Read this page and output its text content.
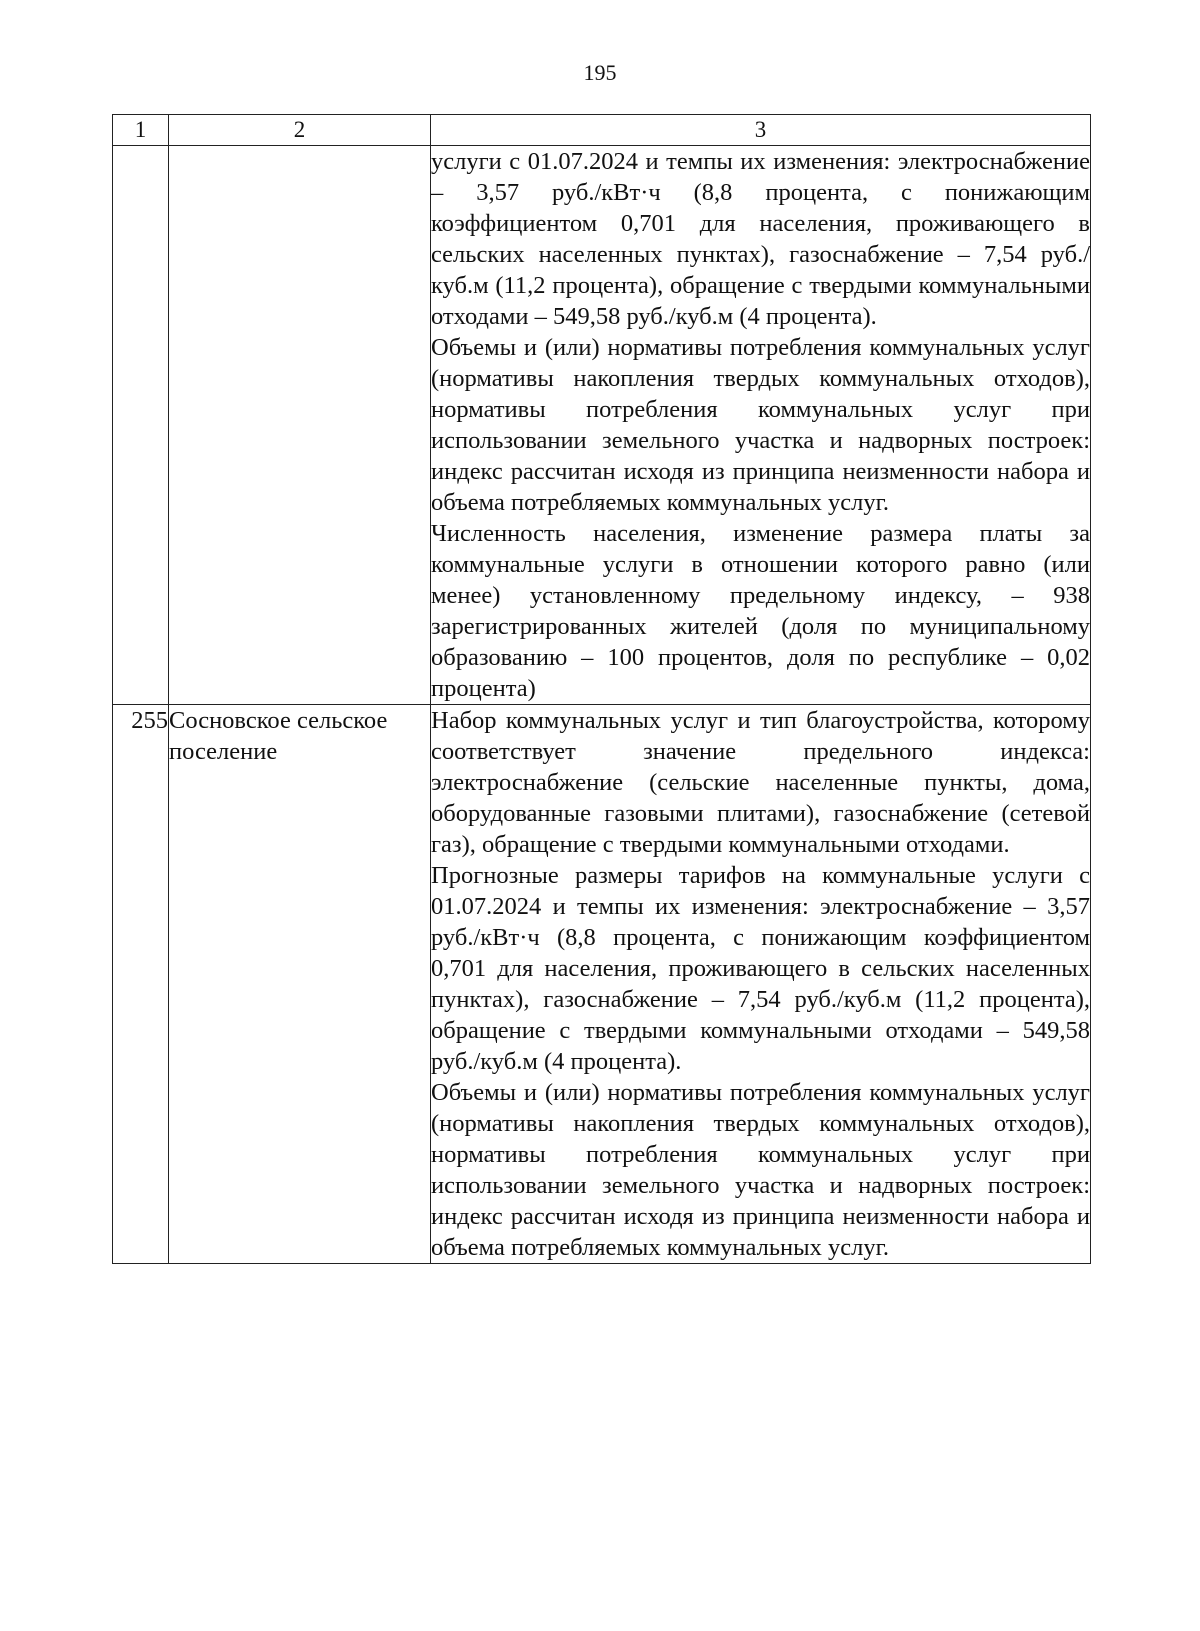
195
1	2	3

		услуги с 01.07.2024 и темпы их изменения: электроснабжение – 3,57 руб./кВт·ч (8,8 процента, с понижающим коэффициентом 0,701 для населения, проживающего в сельских населенных пунктах), газоснабжение – 7,54 руб./куб.м (11,2 процента), обращение с твердыми коммунальными отходами – 549,58 руб./куб.м (4 процента).

Объемы и (или) нормативы потребления коммунальных услуг (нормативы накопления твердых коммунальных отходов), нормативы потребления коммунальных услуг при использовании земельного участка и надворных построек: индекс рассчитан исходя из принципа неизменности набора и объема потребляемых коммунальных услуг.

Численность населения, изменение размера платы за коммунальные услуги в отношении которого равно (или менее) установленному предельному индексу, – 938 зарегистрированных жителей (доля по муниципальному образованию – 100 процентов, доля по республике – 0,02 процента)

255	Сосновское сельское поселение	Набор коммунальных услуг и тип благоустройства, которому соответствует значение предельного индекса: электроснабжение (сельские населенные пункты, дома, оборудованные газовыми плитами), газоснабжение (сетевой газ), обращение с твердыми коммунальными отходами.

Прогнозные размеры тарифов на коммунальные услуги с 01.07.2024 и темпы их изменения: электроснабжение – 3,57 руб./кВт·ч (8,8 процента, с понижающим коэффициентом 0,701 для населения, проживающего в сельских населенных пунктах), газоснабжение – 7,54 руб./куб.м (11,2 процента), обращение с твердыми коммунальными отходами – 549,58 руб./куб.м (4 процента).

Объемы и (или) нормативы потребления коммунальных услуг (нормативы накопления твердых коммунальных отходов), нормативы потребления коммунальных услуг при использовании земельного участка и надворных построек: индекс рассчитан исходя из принципа неизменности набора и объема потребляемых коммунальных услуг.
